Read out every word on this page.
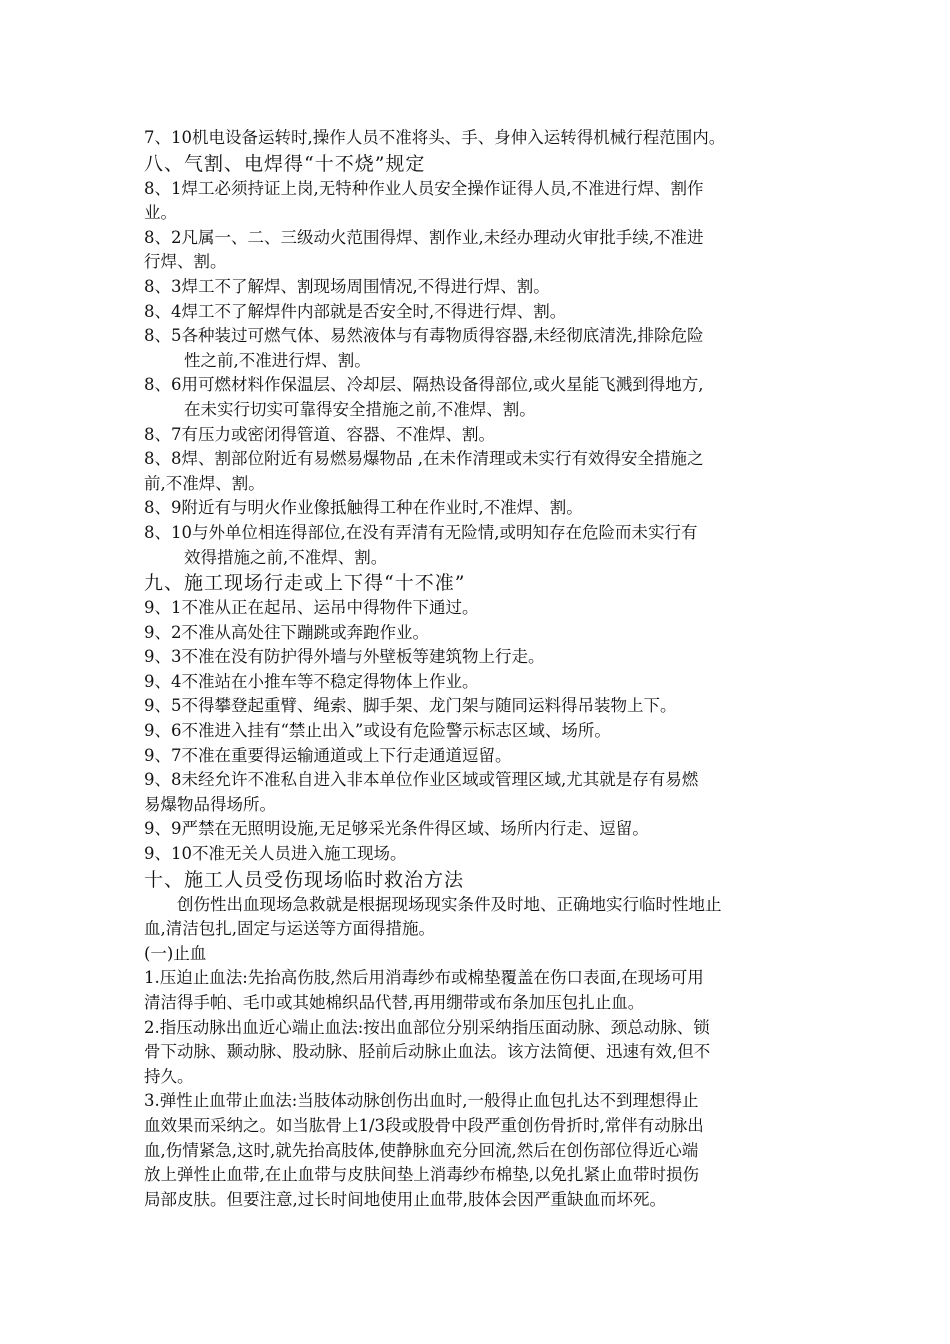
7、10机电设备运转时,操作人员不准将头、手、身伸入运转得机械行程范围内。

八、气割、电焊得“十不烧”规定

8、1焊工必须持证上岗,无特种作业人员安全操作证得人员,不准进行焊、割作

业。

8、2凡属一、二、三级动火范围得焊、割作业,未经办理动火审批手续,不准进

行焊、割。

8、3焊工不了解焊、割现场周围情况,不得进行焊、割。

8、4焊工不了解焊件内部就是否安全时,不得进行焊、割。

8、5各种装过可燃气体、易然液体与有毒物质得容器,未经彻底清洗,排除危险

性之前,不准进行焊、割。

8、6用可燃材料作保温层、冷却层、隔热设备得部位,或火星能飞溅到得地方,

在未实行切实可靠得安全措施之前,不准焊、割。

8、7有压力或密闭得管道、容器、不准焊、割。

8、8焊、割部位附近有易燃易爆物品 ,在未作清理或未实行有效得安全措施之

前,不准焊、割。

8、9附近有与明火作业像抵触得工种在作业时,不准焊、割。

8、10与外单位相连得部位,在没有弄清有无险情,或明知存在危险而未实行有

效得措施之前,不准焊、割。

九、施工现场行走或上下得“十不准”

9、1不准从正在起吊、运吊中得物件下通过。

9、2不准从高处往下蹦跳或奔跑作业。

9、3不准在没有防护得外墙与外壁板等建筑物上行走。

9、4不准站在小推车等不稳定得物体上作业。

9、5不得攀登起重臂、绳索、脚手架、龙门架与随同运料得吊装物上下。

9、6不准进入挂有“禁止出入”或设有危险警示标志区域、场所。

9、7不准在重要得运输通道或上下行走通道逗留。

9、8未经允许不准私自进入非本单位作业区域或管理区域,尤其就是存有易燃

易爆物品得场所。

9、9严禁在无照明设施,无足够采光条件得区域、场所内行走、逗留。

9、10不准无关人员进入施工现场。

十、施工人员受伤现场临时救治方法

创伤性出血现场急救就是根据现场现实条件及时地、正确地实行临时性地止

血,清洁包扎,固定与运送等方面得措施。

(一)止血

1.压迫止血法:先抬高伤肢,然后用消毒纱布或棉垫覆盖在伤口表面,在现场可用

清洁得手帕、毛巾或其她棉织品代替,再用绷带或布条加压包扎止血。

2.指压动脉出血近心端止血法:按出血部位分别采纳指压面动脉、颈总动脉、锁

骨下动脉、颞动脉、股动脉、胫前后动脉止血法。该方法简便、迅速有效,但不

持久。

3.弹性止血带止血法:当肢体动脉创伤出血时,一般得止血包扎达不到理想得止

血效果而采纳之。如当肱骨上1/3段或股骨中段严重创伤骨折时,常伴有动脉出

血,伤情紧急,这时,就先抬高肢体,使静脉血充分回流,然后在创伤部位得近心端

放上弹性止血带,在止血带与皮肤间垫上消毒纱布棉垫,以免扎紧止血带时损伤

局部皮肤。但要注意,过长时间地使用止血带,肢体会因严重缺血而坏死。
